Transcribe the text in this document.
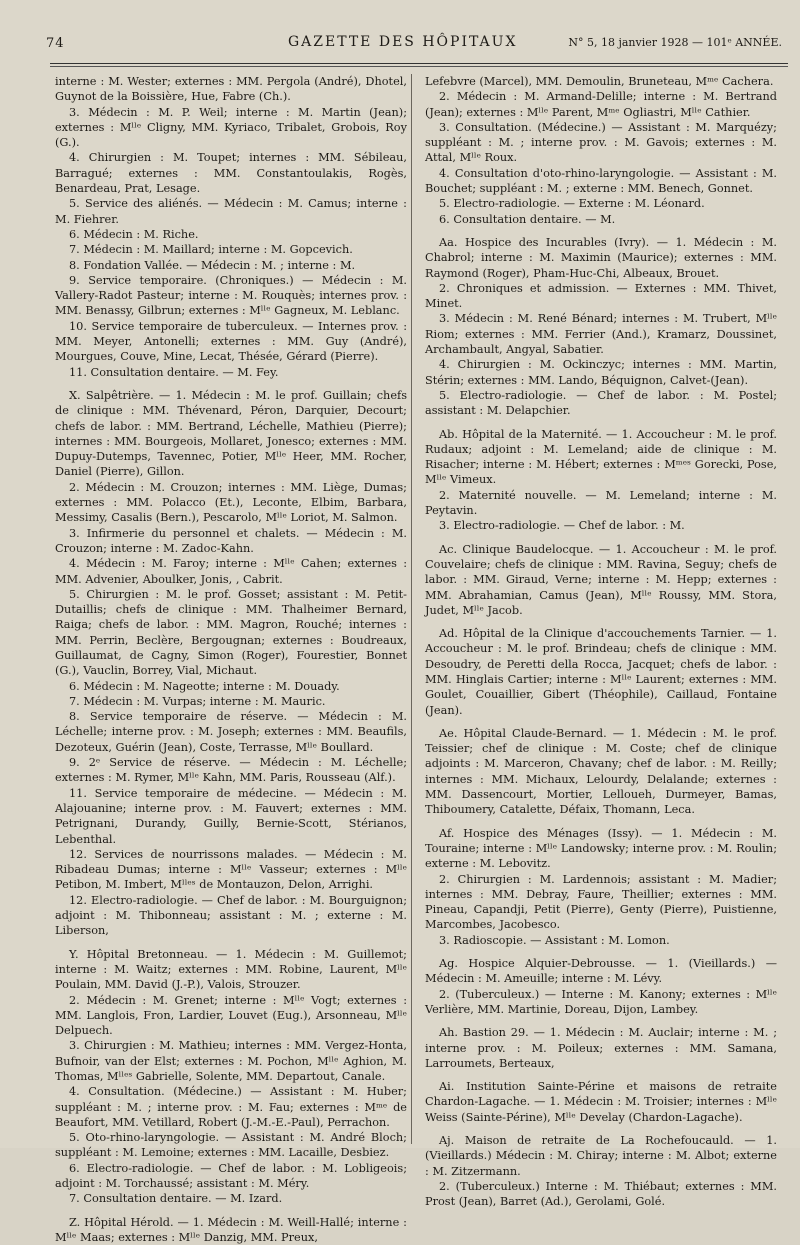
74	GAZETTE DES HÔPITAUX	N° 5, 18 janvier 1928 — 101ᵉ ANNÉE.

interne : M. Wester; externes : MM. Pergola (André), Dhotel, Guynot de la Boissière, Hue, Fabre (Ch.).

3. Médecin : M. P. Weil; interne : M. Martin (Jean); externes : Mˡˡᵉ Cligny, MM. Kyriaco, Tribalet, Grobois, Roy (G.).

4. Chirurgien : M. Toupet; internes : MM. Sébileau, Barragué; externes : MM. Constantoulakis, Rogès, Benardeau, Prat, Lesage.

5. Service des aliénés. — Médecin : M. Camus; interne : M. Fiehrer.

6. Médecin : M. Riche.

7. Médecin : M. Maillard; interne : M. Gopcevich.

8. Fondation Vallée. — Médecin : M. ; interne : M.

9. Service temporaire. (Chroniques.) — Médecin : M. Vallery-Radot Pasteur; interne : M. Rouquès; internes prov. : MM. Benassy, Gilbrun; externes : Mˡˡᵉ Gagneux, M. Leblanc.

10. Service temporaire de tuberculeux. — Internes prov. : MM. Meyer, Antonelli; externes : MM. Guy (André), Mourgues, Couve, Mine, Lecat, Thésée, Gérard (Pierre).

11. Consultation dentaire. — M. Fey.

X. Salpêtrière. — 1. Médecin : M. le prof. Guillain; chefs de clinique : MM. Thévenard, Péron, Darquier, Decourt; chefs de labor. : MM. Bertrand, Léchelle, Mathieu (Pierre); internes : MM. Bourgeois, Mollaret, Jonesco; externes : MM. Dupuy-Dutemps, Tavennec, Potier, Mˡˡᵉ Heer, MM. Rocher, Daniel (Pierre), Gillon.

2. Médecin : M. Crouzon; internes : MM. Liège, Dumas; externes : MM. Polacco (Et.), Leconte, Elbim, Barbara, Messimy, Casalis (Bern.), Pescarolo, Mˡˡᵉ Loriot, M. Salmon.

3. Infirmerie du personnel et chalets. — Médecin : M. Crouzon; interne : M. Zadoc-Kahn.

4. Médecin : M. Faroy; interne : Mˡˡᵉ Cahen; externes : MM. Advenier, Aboulker, Jonis, , Cabrit.

5. Chirurgien : M. le prof. Gosset; assistant : M. Petit-Dutaillis; chefs de clinique : MM. Thalheimer Bernard, Raiga; chefs de labor. : MM. Magron, Rouché; internes : MM. Perrin, Beclère, Bergougnan; externes : Boudreaux, Guillaumat, de Cagny, Simon (Roger), Fourestier, Bonnet (G.), Vauclin, Borrey, Vial, Michaut.

6. Médecin : M. Nageotte; interne : M. Douady.

7. Médecin : M. Vurpas; interne : M. Mauric.

8. Service temporaire de réserve. — Médecin : M. Léchelle; interne prov. : M. Joseph; externes : MM. Beaufils, Dezoteux, Guérin (Jean), Coste, Terrasse, Mˡˡᵉ Boullard.

9. 2ᵉ Service de réserve. — Médecin : M. Léchelle; externes : M. Rymer, Mˡˡᵉ Kahn, MM. Paris, Rousseau (Alf.).

11. Service temporaire de médecine. — Médecin : M. Alajouanine; interne prov. : M. Fauvert; externes : MM. Petrignani, Durandy, Guilly, Bernie-Scott, Stérianos, Lebenthal.

12. Services de nourrissons malades. — Médecin : M. Ribadeau Dumas; interne : Mˡˡᵉ Vasseur; externes : Mˡˡᵉ Petibon, M. Imbert, Mˡˡᵉˢ de Montauzon, Delon, Arrighi.

12. Electro-radiologie. — Chef de labor. : M. Bourguignon; adjoint : M. Thibonneau; assistant : M. ; externe : M. Liberson,

Y. Hôpital Bretonneau. — 1. Médecin : M. Guillemot; interne : M. Waitz; externes : MM. Robine, Laurent, Mˡˡᵉ Poulain, MM. David (J.-P.), Valois, Strouzer.

2. Médecin : M. Grenet; interne : Mˡˡᵉ Vogt; externes : MM. Langlois, Fron, Lardier, Louvet (Eug.), Arsonneau, Mˡˡᵉ Delpuech.

3. Chirurgien : M. Mathieu; internes : MM. Vergez-Honta, Bufnoir, van der Elst; externes : M. Pochon, Mˡˡᵉ Aghion, M. Thomas, Mˡˡᵉˢ Gabrielle, Solente, MM. Departout, Canale.

4. Consultation. (Médecine.) — Assistant : M. Huber; suppléant : M. ; interne prov. : M. Fau; externes : Mᵐᵉ de Beaufort, MM. Vetillard, Robert (J.-M.-E.-Paul), Perrachon.

5. Oto-rhino-laryngologie. — Assistant : M. André Bloch; suppléant : M. Lemoine; externes : MM. Lacaille, Desbiez.

6. Electro-radiologie. — Chef de labor. : M. Lobligeois; adjoint : M. Torchaussé; assistant : M. Méry.

7. Consultation dentaire. — M. Izard.

Z. Hôpital Hérold. — 1. Médecin : M. Weill-Hallé; interne : Mˡˡᵉ Maas; externes : Mˡˡᵉ Danzig, MM. Preux,

Lefebvre (Marcel), MM. Demoulin, Bruneteau, Mᵐᵉ Cachera.

2. Médecin : M. Armand-Delille; interne : M. Bertrand (Jean); externes : Mˡˡᵉ Parent, Mᵐᵉ Ogliastri, Mˡˡᵉ Cathier.

3. Consultation. (Médecine.) — Assistant : M. Marquézy; suppléant : M. ; interne prov. : M. Gavois; externes : M. Attal, Mˡˡᵉ Roux.

4. Consultation d'oto-rhino-laryngologie. — Assistant : M. Bouchet; suppléant : M. ; externe : MM. Benech, Gonnet.

5. Electro-radiologie. — Externe : M. Léonard.

6. Consultation dentaire. — M.

Aa. Hospice des Incurables (Ivry). — 1. Médecin : M. Chabrol; interne : M. Maximin (Maurice); externes : MM. Raymond (Roger), Pham-Huc-Chi, Albeaux, Brouet.

2. Chroniques et admission. — Externes : MM. Thivet, Minet.

3. Médecin : M. René Bénard; internes : M. Trubert, Mˡˡᵉ Riom; externes : MM. Ferrier (And.), Kramarz, Doussinet, Archambault, Angyal, Sabatier.

4. Chirurgien : M. Ockinczyc; internes : MM. Martin, Stérin; externes : MM. Lando, Béquignon, Calvet-(Jean).

5. Electro-radiologie. — Chef de labor. : M. Postel; assistant : M. Delapchier.

Ab. Hôpital de la Maternité. — 1. Accoucheur : M. le prof. Rudaux; adjoint : M. Lemeland; aide de clinique : M. Risacher; interne : M. Hébert; externes : Mᵐᵉˢ Gorecki, Pose, Mˡˡᵉ Vimeux.

2. Maternité nouvelle. — M. Lemeland; interne : M. Peytavin.

3. Electro-radiologie. — Chef de labor. : M.

Ac. Clinique Baudelocque. — 1. Accoucheur : M. le prof. Couvelaire; chefs de clinique : MM. Ravina, Seguy; chefs de labor. : MM. Giraud, Verne; interne : M. Hepp; externes : MM. Abrahamian, Camus (Jean), Mˡˡᵉ Roussy, MM. Stora, Judet, Mˡˡᵉ Jacob.

Ad. Hôpital de la Clinique d'accouchements Tarnier. — 1. Accoucheur : M. le prof. Brindeau; chefs de clinique : MM. Desoudry, de Peretti della Rocca, Jacquet; chefs de labor. : MM. Hinglais Cartier; interne : Mˡˡᵉ Laurent; externes : MM. Goulet, Couaillier, Gibert (Théophile), Caillaud, Fontaine (Jean).

Ae. Hôpital Claude-Bernard. — 1. Médecin : M. le prof. Teissier; chef de clinique : M. Coste; chef de clinique adjoints : M. Marceron, Chavany; chef de labor. : M. Reilly; internes : MM. Michaux, Lelourdy, Delalande; externes : MM. Dassencourt, Mortier, Lelloueh, Durmeyer, Bamas, Thiboumery, Catalette, Défaix, Thomann, Leca.

Af. Hospice des Ménages (Issy). — 1. Médecin : M. Touraine; interne : Mˡˡᵉ Landowsky; interne prov. : M. Roulin; externe : M. Lebovitz.

2. Chirurgien : M. Lardennois; assistant : M. Madier; internes : MM. Debray, Faure, Theillier; externes : MM. Pineau, Capandji, Petit (Pierre), Genty (Pierre), Puistienne, Marcombes, Jacobesco.

3. Radioscopie. — Assistant : M. Lomon.

Ag. Hospice Alquier-Debrousse. — 1. (Vieillards.) — Médecin : M. Ameuille; interne : M. Lévy.

2. (Tuberculeux.) — Interne : M. Kanony; externes : Mˡˡᵉ Verlière, MM. Martinie, Doreau, Dijon, Lambey.

Ah. Bastion 29. — 1. Médecin : M. Auclair; interne : M. ; interne prov. : M. Poileux; externes : MM. Samana, Larroumets, Berteaux,

Ai. Institution Sainte-Périne et maisons de retraite Chardon-Lagache. — 1. Médecin : M. Troisier; internes : Mˡˡᵉ Weiss (Sainte-Périne), Mˡˡᵉ Develay (Chardon-Lagache).

Aj. Maison de retraite de La Rochefoucauld. — 1. (Vieillards.) Médecin : M. Chiray; interne : M. Albot; externe : M. Zitzermann.

2. (Tuberculeux.) Interne : M. Thiébaut; externes : MM. Prost (Jean), Barret (Ad.), Gerolami, Golé.
